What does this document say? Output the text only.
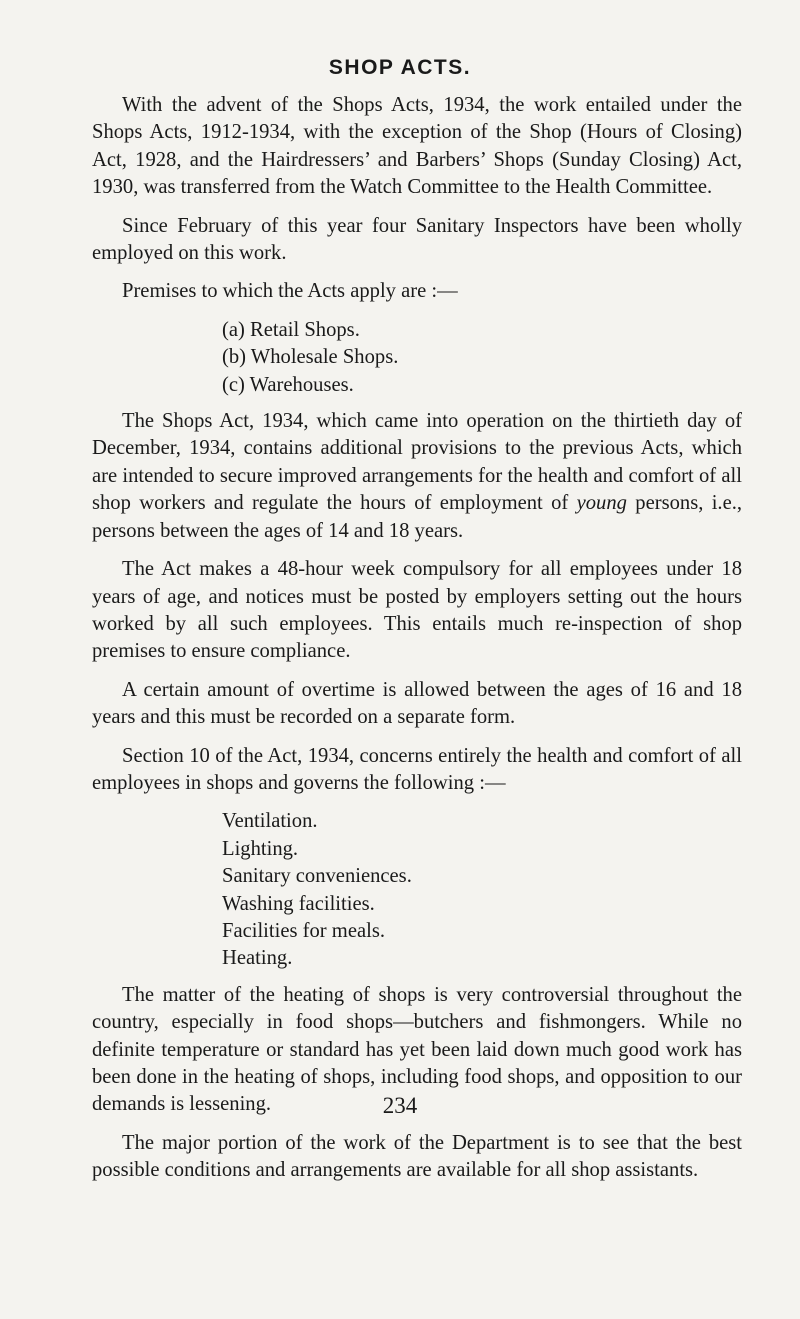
SHOP ACTS.

With the advent of the Shops Acts, 1934, the work entailed under the Shops Acts, 1912-1934, with the exception of the Shop (Hours of Closing) Act, 1928, and the Hairdressers’ and Barbers’ Shops (Sunday Closing) Act, 1930, was transferred from the Watch Committee to the Health Committee.

Since February of this year four Sanitary Inspectors have been wholly employed on this work.

Premises to which the Acts apply are :—

(a) Retail Shops.
(b) Wholesale Shops.
(c) Warehouses.

The Shops Act, 1934, which came into operation on the thirtieth day of December, 1934, contains additional provisions to the previous Acts, which are intended to secure improved arrangements for the health and comfort of all shop workers and regulate the hours of employment of young persons, i.e., persons between the ages of 14 and 18 years.

The Act makes a 48-hour week compulsory for all employees under 18 years of age, and notices must be posted by employers setting out the hours worked by all such employees. This entails much re-inspection of shop premises to ensure compliance.

A certain amount of overtime is allowed between the ages of 16 and 18 years and this must be recorded on a separate form.

Section 10 of the Act, 1934, concerns entirely the health and comfort of all employees in shops and governs the following :—

Ventilation.
Lighting.
Sanitary conveniences.
Washing facilities.
Facilities for meals.
Heating.

The matter of the heating of shops is very controversial throughout the country, especially in food shops—butchers and fishmongers. While no definite temperature or standard has yet been laid down much good work has been done in the heating of shops, including food shops, and opposition to our demands is lessening.

The major portion of the work of the Department is to see that the best possible conditions and arrangements are available for all shop assistants.

234
